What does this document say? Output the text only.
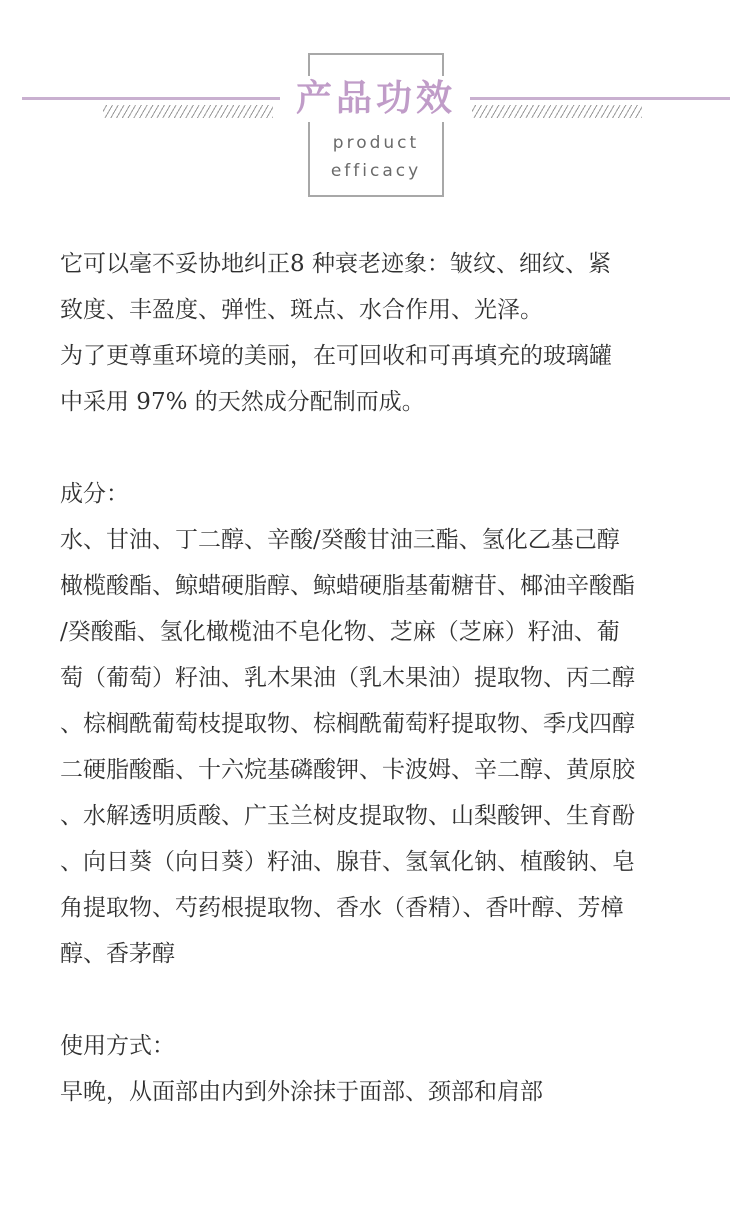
产品功效
product
efficacy

它可以毫不妥协地纠正8 种衰老迹象：皱纹、细纹、紧

致度、丰盈度、弹性、斑点、水合作用、光泽。

为了更尊重环境的美丽，在可回收和可再填充的玻璃罐

中采用 97% 的天然成分配制而成。

成分：

水、甘油、丁二醇、辛酸/癸酸甘油三酯、氢化乙基己醇

橄榄酸酯、鲸蜡硬脂醇、鲸蜡硬脂基葡糖苷、椰油辛酸酯

/癸酸酯、氢化橄榄油不皂化物、芝麻（芝麻）籽油、葡

萄（葡萄）籽油、乳木果油（乳木果油）提取物、丙二醇

、棕榈酰葡萄枝提取物、棕榈酰葡萄籽提取物、季戊四醇

二硬脂酸酯、十六烷基磷酸钾、卡波姆、辛二醇、黄原胶

、水解透明质酸、广玉兰树皮提取物、山梨酸钾、生育酚

、向日葵（向日葵）籽油、腺苷、氢氧化钠、植酸钠、皂

角提取物、芍药根提取物、香水（香精）、香叶醇、芳樟

醇、香茅醇

使用方式：

早晚，从面部由内到外涂抹于面部、颈部和肩部
